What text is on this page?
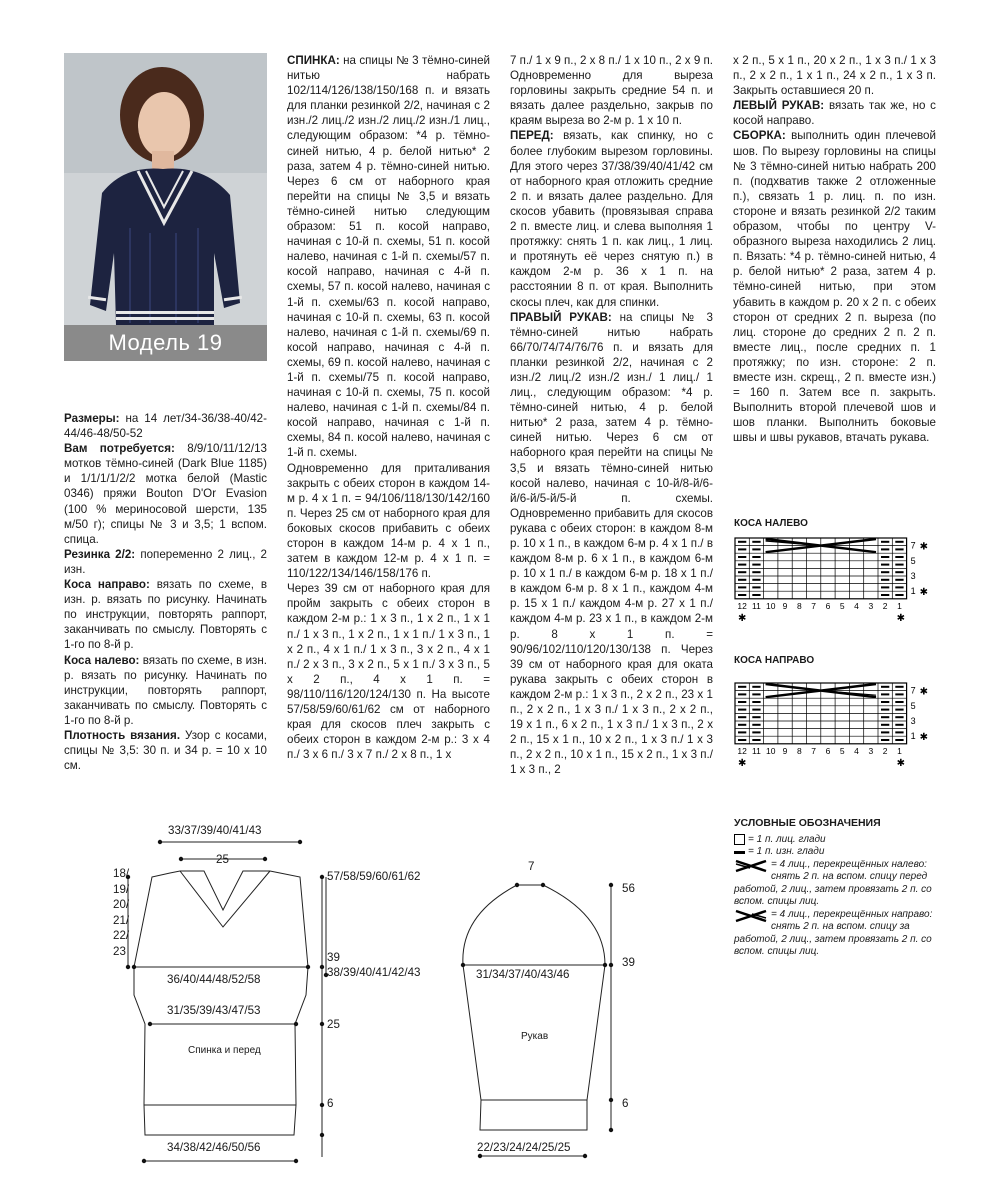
Модель 19

Размеры: на 14 лет/34-36/38-40/42-44/46-48/50-52

Вам потребуется: 8/9/10/11/12/13 мотков тёмно-синей (Dark Blue 1185) и 1/1/1/1/2/2 мотка белой (Mastic 0346) пряжи Bouton D'Or Evasion (100 % мериносовой шерсти, 135 м/50 г); спицы № 3 и 3,5; 1 вспом. спица.

Резинка 2/2: попеременно 2 лиц., 2 изн.

Коса направо: вязать по схеме, в изн. р. вязать по рисунку. Начинать по инструкции, повторять раппорт, заканчивать по смыслу. Повторять с 1-го по 8-й р.

Коса налево: вязать по схеме, в изн. р. вязать по рисунку. Начинать по инструкции, повторять раппорт, заканчивать по смыслу. Повторять с 1-го по 8-й р.

Плотность вязания. Узор с косами, спицы № 3,5: 30 п. и 34 р. = 10 х 10 см.

СПИНКА: на спицы № 3 тёмно-синей нитью набрать 102/114/126/138/150/168 п. и вязать для планки резинкой 2/2, начиная с 2 изн./2 лиц./2 изн./2 лиц./2 изн./1 лиц., следующим образом: *4 р. тёмно-синей нитью, 4 р. белой нитью* 2 раза, затем 4 р. тёмно-синей нитью. Через 6 см от наборного края перейти на спицы № 3,5 и вязать тёмно-синей нитью следующим образом: 51 п. косой направо, начиная с 10-й п. схемы, 51 п. косой налево, начиная с 1-й п. схемы/57 п. косой направо, начиная с 4-й п. схемы, 57 п. косой налево, начиная с 1-й п. схемы/63 п. косой направо, начиная с 10-й п. схемы, 63 п. косой налево, начиная с 1-й п. схемы/69 п. косой направо, начиная с 4-й п. схемы, 69 п. косой налево, начиная с 1-й п. схемы/75 п. косой направо, начиная с 10-й п. схемы, 75 п. косой налево, начиная с 1-й п. схемы/84 п. косой направо, начиная с 1-й п. схемы, 84 п. косой налево, начиная с 1-й п. схемы.

Одновременно для приталивания закрыть с обеих сторон в каждом 14-м р. 4 х 1 п. = 94/106/118/130/142/160 п. Через 25 см от наборного края для боковых скосов прибавить с обеих сторон в каждом 14-м р. 4 х 1 п., затем в каждом 12-м р. 4 х 1 п. = 110/122/134/146/158/176 п.

Через 39 см от наборного края для пройм закрыть с обеих сторон в каждом 2-м р.: 1 х 3 п., 1 х 2 п., 1 х 1 п./ 1 х 3 п., 1 х 2 п., 1 х 1 п./ 1 х 3 п., 1 х 2 п., 4 х 1 п./ 1 х 3 п., 3 х 2 п., 4 х 1 п./ 2 х 3 п., 3 х 2 п., 5 х 1 п./ 3 х 3 п., 5 х 2 п., 4 х 1 п. = 98/110/116/120/124/130 п. На высоте 57/58/59/60/61/62 см от наборного края для скосов плеч закрыть с обеих сторон в каждом 2-м р.: 3 х 4 п./ 3 х 6 п./ 3 х 7 п./ 2 х 8 п., 1 х

7 п./ 1 х 9 п., 2 х 8 п./ 1 х 10 п., 2 х 9 п. Одновременно для выреза горловины закрыть средние 54 п. и вязать далее раздельно, закрыв по краям выреза во 2-м р. 1 х 10 п.

ПЕРЕД: вязать, как спинку, но с более глубоким вырезом горловины. Для этого через 37/38/39/40/41/42 см от наборного края отложить средние 2 п. и вязать далее раздельно. Для скосов убавить (провязывая справа 2 п. вместе лиц. и слева выполняя 1 протяжку: снять 1 п. как лиц., 1 лиц. и протянуть её через снятую п.) в каждом 2-м р. 36 х 1 п. на расстоянии 8 п. от края. Выполнить скосы плеч, как для спинки.

ПРАВЫЙ РУКАВ: на спицы № 3 тёмно-синей нитью набрать 66/70/74/74/76/76 п. и вязать для планки резинкой 2/2, начиная с 2 изн./2 лиц./2 изн./2 изн./ 1 лиц./ 1 лиц., следующим образом: *4 р. тёмно-синей нитью, 4 р. белой нитью* 2 раза, затем 4 р. тёмно-синей нитью. Через 6 см от наборного края перейти на спицы № 3,5 и вязать тёмно-синей нитью косой налево, начиная с 10-й/8-й/6-й/6-й/5-й/5-й п. схемы. Одновременно прибавить для скосов рукава с обеих сторон: в каждом 8-м р. 10 х 1 п., в каждом 6-м р. 4 х 1 п./ в каждом 8-м р. 6 х 1 п., в каждом 6-м р. 10 х 1 п./ в каждом 6-м р. 18 х 1 п./ в каждом 6-м р. 8 х 1 п., каждом 4-м р. 15 х 1 п./ каждом 4-м р. 27 х 1 п./ каждом 4-м р. 23 х 1 п., в каждом 2-м р. 8 х 1 п. = 90/96/102/110/120/130/138 п. Через 39 см от наборного края для оката рукава закрыть с обеих сторон в каждом 2-м р.: 1 х 3 п., 2 х 2 п., 23 х 1 п., 2 х 2 п., 1 х 3 п./ 1 х 3 п., 2 х 2 п., 19 х 1 п., 6 х 2 п., 1 х 3 п./ 1 х 3 п., 2 х 2 п., 15 х 1 п., 10 х 2 п., 1 х 3 п./ 1 х 3 п., 2 х 2 п., 10 х 1 п., 15 х 2 п., 1 х 3 п./ 1 х 3 п., 2

х 2 п., 5 х 1 п., 20 х 2 п., 1 х 3 п./ 1 х 3 п., 2 х 2 п., 1 х 1 п., 24 х 2 п., 1 х 3 п. Закрыть оставшиеся 20 п.

ЛЕВЫЙ РУКАВ: вязать так же, но с косой направо.

СБОРКА: выполнить один плечевой шов. По вырезу горловины на спицы № 3 тёмно-синей нитью набрать 200 п. (подхватив также 2 отложенные п.), связать 1 р. лиц. п. по изн. стороне и вязать резинкой 2/2 таким образом, чтобы по центру V-образного выреза находились 2 лиц. п. Вязать: *4 р. тёмно-синей нитью, 4 р. белой нитью* 2 раза, затем 4 р. тёмно-синей нитью, при этом убавить в каждом р. 20 х 2 п. с обеих сторон от средних 2 п. выреза (по лиц. стороне до средних 2 п. 2 п. вместе лиц., после средних п. 1 протяжку; по изн. стороне: 2 п. вместе изн. скрещ., 2 п. вместе изн.) = 160 п. Затем все п. закрыть. Выполнить второй плечевой шов и шов планки. Выполнить боковые швы и швы рукавов, втачать рукава.

КОСА НАЛЕВО
7
5
3
1
✱
✱
12 11 10 9 8 7 6 5 4 3 2 1
✱	✱
КОСА НАПРАВО
7
5
3
1
✱
✱
12 11 10 9 8 7 6 5 4 3 2 1
✱	✱
УСЛОВНЫЕ ОБОЗНАЧЕНИЯ
= 1 п. лиц. глади
= 1 п. изн. глади
= 4 лиц., перекрещённых налево: снять 2 п. на вспом. спицу перед работой, 2 лиц., затем провязать 2 п. со вспом. спицы лиц.
= 4 лиц., перекрещённых направо: снять 2 п. на вспом. спицу за работой, 2 лиц., затем провязать 2 п. со вспом. спицы лиц.
33/37/39/40/41/43
25
18/
19/
20/
21/
22/
23
57/58/59/60/61/62
39
38/39/40/41/42/43
36/40/44/48/52/58
31/35/39/43/47/53
25
Спинка и перед
6
34/38/42/46/50/56
7
56
39
31/34/37/40/43/46
Рукав
6
22/23/24/24/25/25
